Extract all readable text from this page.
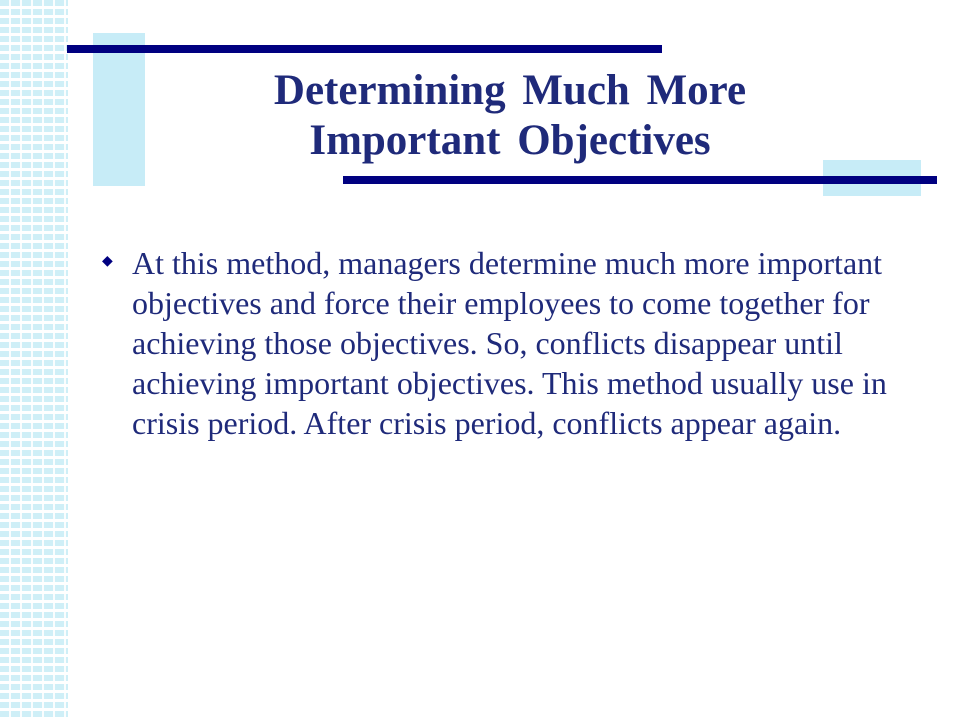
Determining Much More
Important Objectives
◆ At this method, managers determine much more important objectives and force their employees to come together for achieving those objectives. So, conflicts disappear until achieving important objectives. This method usually use in crisis period. After crisis period, conflicts appear again.
